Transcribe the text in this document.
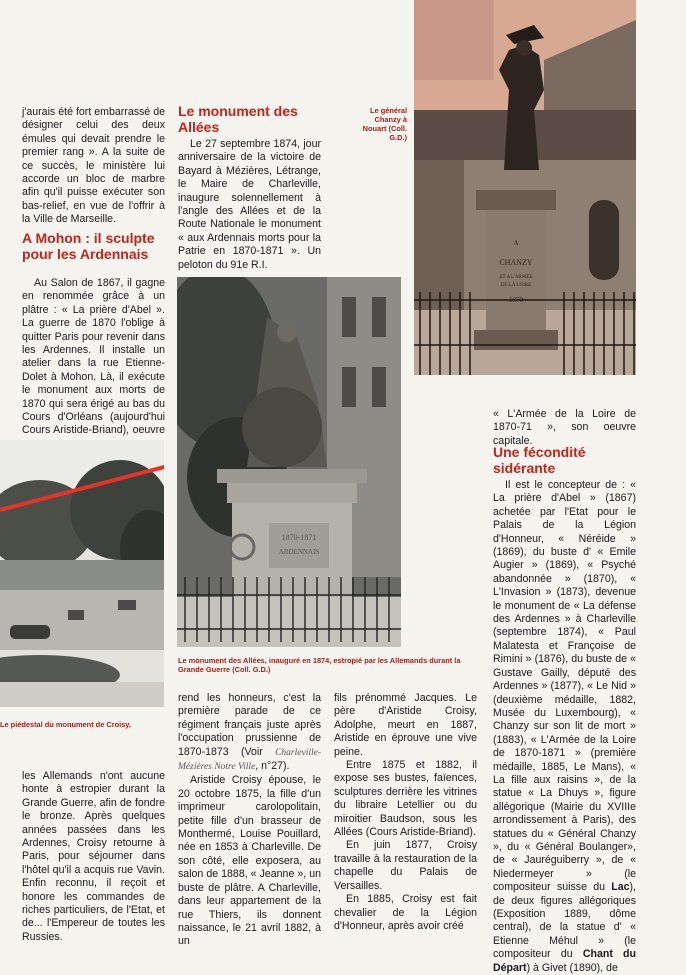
j'aurais été fort embarrassé de désigner celui des deux émules qui devait prendre le premier rang ». A la suite de ce succès, le ministère lui accorde un bloc de marbre afin qu'il puisse exécuter son bas-relief, en vue de l'offrir à la Ville de Marseille.

A Mohon : il sculpte pour les Ardennais

Au Salon de 1867, il gagne en renommée grâce à un plâtre : « La prière d'Abel ». La guerre de 1870 l'oblige à quitter Paris pour revenir dans les Ardennes. Il installe un atelier dans la rue Etienne-Dolet à Mohon. Là, il exécute le monument aux morts de 1870 qui sera érigé au bas du Cours d'Orléans (aujourd'hui Cours Aristide-Briand), oeuvre

Le piédestal du monument de Croisy,

les Allemands n'ont aucune honte à estropier durant la Grande Guerre, afin de fondre le bronze. Après quelques années passées dans les Ardennes, Croisy retourne à Paris, pour séjourner dans l'hôtel qu'il a acquis rue Vavin. Enfin reconnu, il reçoit et honore les commandes de riches particuliers, de l'Etat, et de... l'Empereur de toutes les Russies.

Le monument des Allées

Le 27 septembre 1874, jour anniversaire de la victoire de Bayard à Mézières, Létrange, le Maire de Charleville, inaugure solennellement à l'angle des Allées et de la Route Nationale le monument « aux Ardennais morts pour la Patrie en 1870-1871 ». Un peloton du 91e R.I.

1870-1871
ARDENNAIS
Le monument des Allées, inauguré en 1874, estropié par les Allemands durant la Grande Guerre (Coll. G.D.)

rend les honneurs, c'est la première parade de ce régiment français juste après l'occupation prussienne de 1870-1873 (Voir Charleville-Mézières Notre Ville, n°27).

Aristide Croisy épouse, le 20 octobre 1875, la fille d'un imprimeur carolopolitain, petite fille d'un brasseur de Monthermé, Louise Pouillard, née en 1853 à Charleville. De son côté, elle exposera, au salon de 1888, « Jeanne », un buste de plâtre. A Charleville, dans leur appartement de la rue Thiers, ils donnent naissance, le 21 avril 1882, à un

fils prénommé Jacques. Le père d'Aristide Croisy, Adolphe, meurt en 1887, Aristide en éprouve une vive peine.

Entre 1875 et 1882, il expose ses bustes, faïences, sculptures derrière les vitrines du libraire Letellier ou du miroitier Baudson, sous les Allées (Cours Aristide-Briand).

En juin 1877, Croisy travaille à la restauration de la chapelle du Palais de Versailles.

En 1885, Croisy est fait chevalier de la Légion d'Honneur, après avoir créé

Le général Chanzy à Nouart (Coll. G.D.)
A
CHANZY
ET A L'ARMEE
DE LA LOIRE
1870

« L'Armée de la Loire de 1870-71 », son oeuvre capitale.

Une fécondité sidérante

Il est le concepteur de : « La prière d'Abel » (1867) achetée par l'Etat pour le Palais de la Légion d'Honneur, « Néréide » (1869), du buste d' « Emile Augier » (1869), « Psyché abandonnée » (1870), « L'Invasion » (1873), devenue le monument de « La défense des Ardennes » à Charleville (septembre 1874), « Paul Malatesta et Françoise de Rimini » (1876), du buste de « Gustave Gailly, député des Ardennes » (1877), « Le Nid » (deuxième médaille, 1882, Musée du Luxembourg), « Chanzy sur son lit de mort » (1883), « L'Armée de la Loire de 1870-1871 » (première médaille, 1885, Le Mans), « La fille aux raisins », de la statue « La Dhuys », figure allégorique (Mairie du XVIIIe arrondissement à Paris), des statues du « Général Chanzy », du « Général Boulanger», de « Jauréguiberry », de « Niedermeyer » (le compositeur suisse du Lac), de deux figures allégoriques (Exposition 1889, dôme central), de la statue d' « Etienne Méhul » (le compositeur du Chant du Départ) à Givet (1890), de
